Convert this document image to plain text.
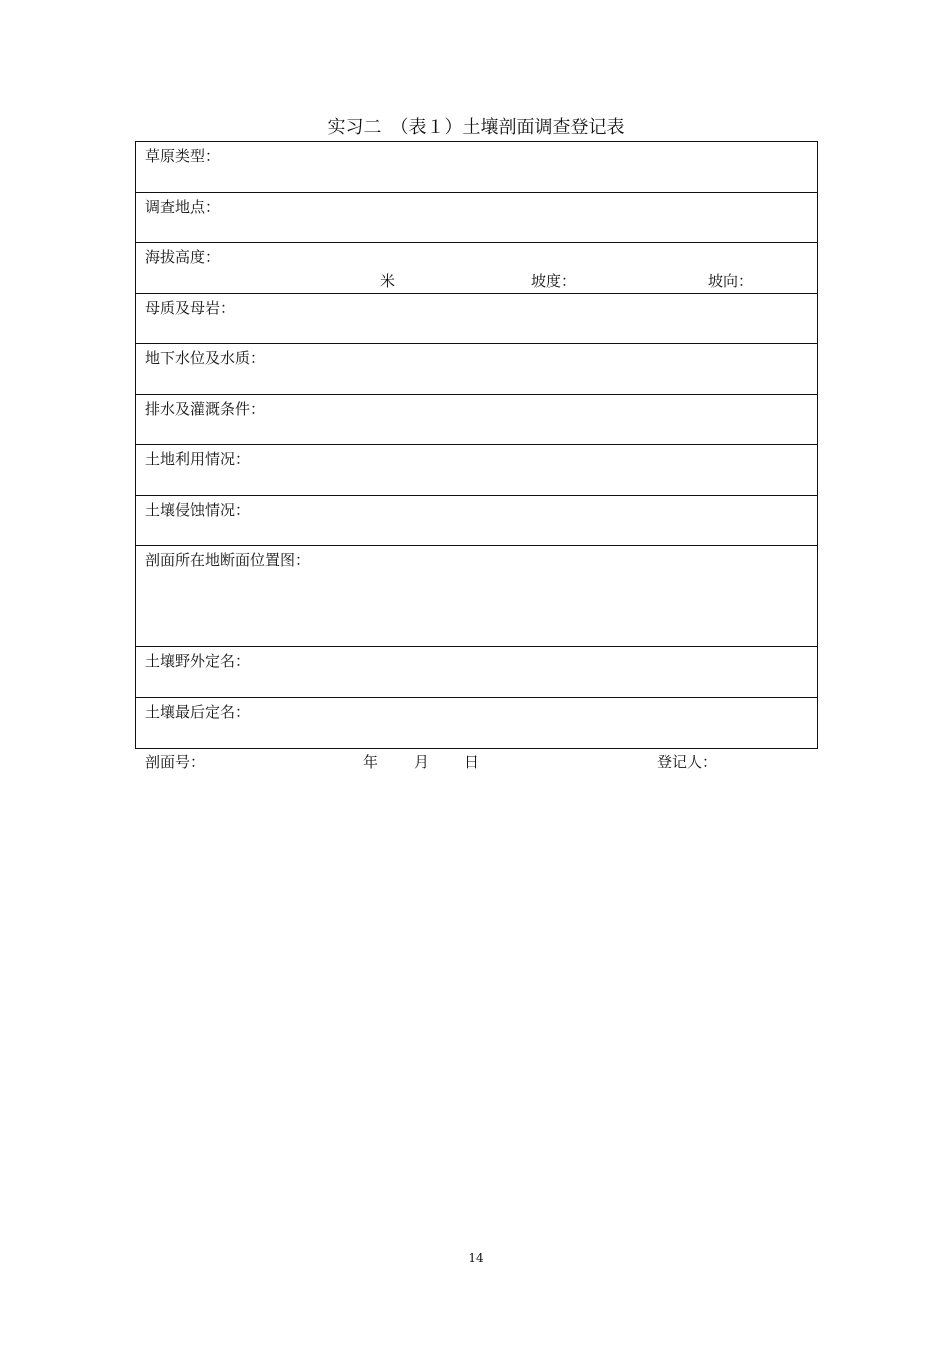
实习二　（表１）土壤剖面调查登记表
草原类型：
调查地点：
海拔高度：
米	坡度：	坡向：
母质及母岩：
地下水位及水质：
排水及灌溉条件：
土地利用情况：
土壤侵蚀情况：
剖面所在地断面位置图：
土壤野外定名：
土壤最后定名：
剖面号：	年 月 日	登记人：
14
